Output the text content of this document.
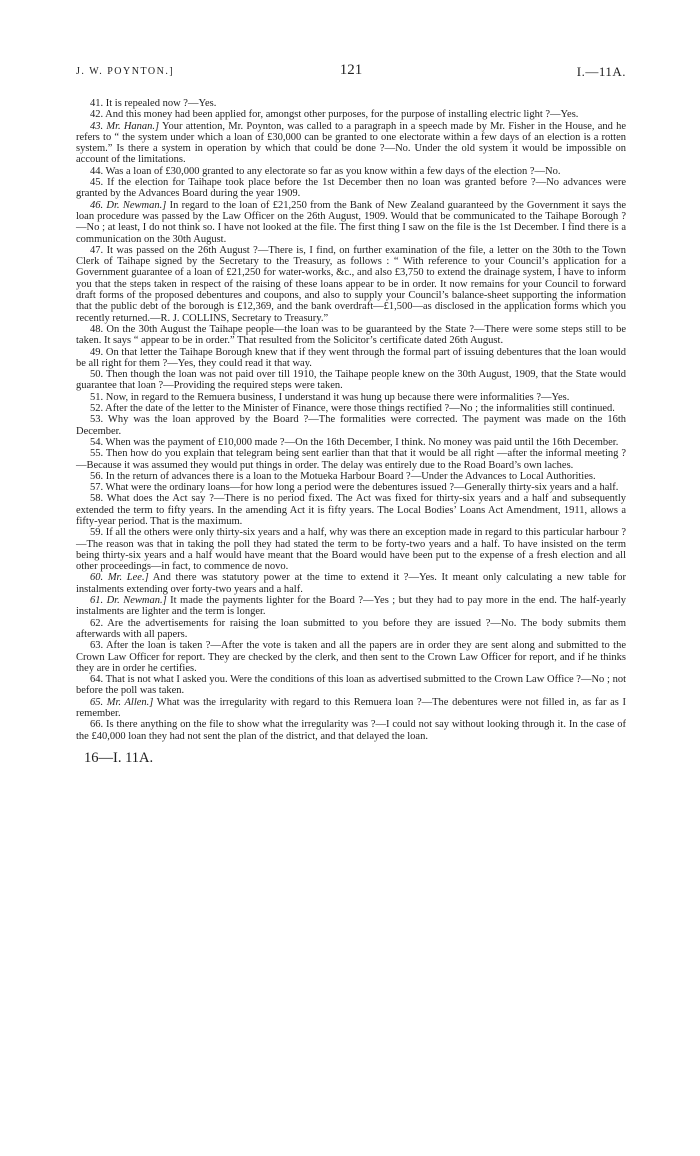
J. W. POYNTON.]	121	I.—11A.

41. It is repealed now ?—Yes.

42. And this money had been applied for, amongst other purposes, for the purpose of installing electric light ?—Yes.

43. Mr. Hanan.] Your attention, Mr. Poynton, was called to a paragraph in a speech made by Mr. Fisher in the House, and he refers to “ the system under which a loan of £30,000 can be granted to one electorate within a few days of an election is a rotten system.” Is there a system in operation by which that could be done ?—No. Under the old system it would be impossible on account of the limitations.

44. Was a loan of £30,000 granted to any electorate so far as you know within a few days of the election ?—No.

45. If the election for Taihape took place before the 1st December then no loan was granted before ?—No advances were granted by the Advances Board during the year 1909.

46. Dr. Newman.] In regard to the loan of £21,250 from the Bank of New Zealand guaranteed by the Government it says the loan procedure was passed by the Law Officer on the 26th August, 1909. Would that be communicated to the Taihape Borough ?—No ; at least, I do not think so. I have not looked at the file. The first thing I saw on the file is the 1st December. I find there is a communication on the 30th August.

47. It was passed on the 26th August ?—There is, I find, on further examination of the file, a letter on the 30th to the Town Clerk of Taihape signed by the Secretary to the Treasury, as follows : “ With reference to your Council’s application for a Government guarantee of a loan of £21,250 for water-works, &c., and also £3,750 to extend the drainage system, I have to inform you that the steps taken in respect of the raising of these loans appear to be in order. It now remains for your Council to forward draft forms of the proposed debentures and coupons, and also to supply your Council’s balance-sheet supporting the information that the public debt of the borough is £12,369, and the bank overdraft—£1,500—as disclosed in the application forms which you recently returned.—R. J. COLLINS, Secretary to Treasury.”

48. On the 30th August the Taihape people—the loan was to be guaranteed by the State ?—There were some steps still to be taken. It says “ appear to be in order.” That resulted from the Solicitor’s certificate dated 26th August.

49. On that letter the Taihape Borough knew that if they went through the formal part of issuing debentures that the loan would be all right for them ?—Yes, they could read it that way.

50. Then though the loan was not paid over till 1910, the Taihape people knew on the 30th August, 1909, that the State would guarantee that loan ?—Providing the required steps were taken.

51. Now, in regard to the Remuera business, I understand it was hung up because there were informalities ?—Yes.

52. After the date of the letter to the Minister of Finance, were those things rectified ?—No ; the informalities still continued.

53. Why was the loan approved by the Board ?—The formalities were corrected. The payment was made on the 16th December.

54. When was the payment of £10,000 made ?—On the 16th December, I think. No money was paid until the 16th December.

55. Then how do you explain that telegram being sent earlier than that that it would be all right —after the informal meeting ?—Because it was assumed they would put things in order. The delay was entirely due to the Road Board’s own laches.

56. In the return of advances there is a loan to the Motueka Harbour Board ?—Under the Advances to Local Authorities.

57. What were the ordinary loans—for how long a period were the debentures issued ?—Generally thirty-six years and a half.

58. What does the Act say ?—There is no period fixed. The Act was fixed for thirty-six years and a half and subsequently extended the term to fifty years. In the amending Act it is fifty years. The Local Bodies’ Loans Act Amendment, 1911, allows a fifty-year period. That is the maximum.

59. If all the others were only thirty-six years and a half, why was there an exception made in regard to this particular harbour ?—The reason was that in taking the poll they had stated the term to be forty-two years and a half. To have insisted on the term being thirty-six years and a half would have meant that the Board would have been put to the expense of a fresh election and all other proceedings—in fact, to commence de novo.

60. Mr. Lee.] And there was statutory power at the time to extend it ?—Yes. It meant only calculating a new table for instalments extending over forty-two years and a half.

61. Dr. Newman.] It made the payments lighter for the Board ?—Yes ; but they had to pay more in the end. The half-yearly instalments are lighter and the term is longer.

62. Are the advertisements for raising the loan submitted to you before they are issued ?—No. The body submits them afterwards with all papers.

63. After the loan is taken ?—After the vote is taken and all the papers are in order they are sent along and submitted to the Crown Law Officer for report. They are checked by the clerk, and then sent to the Crown Law Officer for report, and if he thinks they are in order he certifies.

64. That is not what I asked you. Were the conditions of this loan as advertised submitted to the Crown Law Office ?—No ; not before the poll was taken.

65. Mr. Allen.] What was the irregularity with regard to this Remuera loan ?—The debentures were not filled in, as far as I remember.

66. Is there anything on the file to show what the irregularity was ?—I could not say without looking through it. In the case of the £40,000 loan they had not sent the plan of the district, and that delayed the loan.

16—I. 11A.
